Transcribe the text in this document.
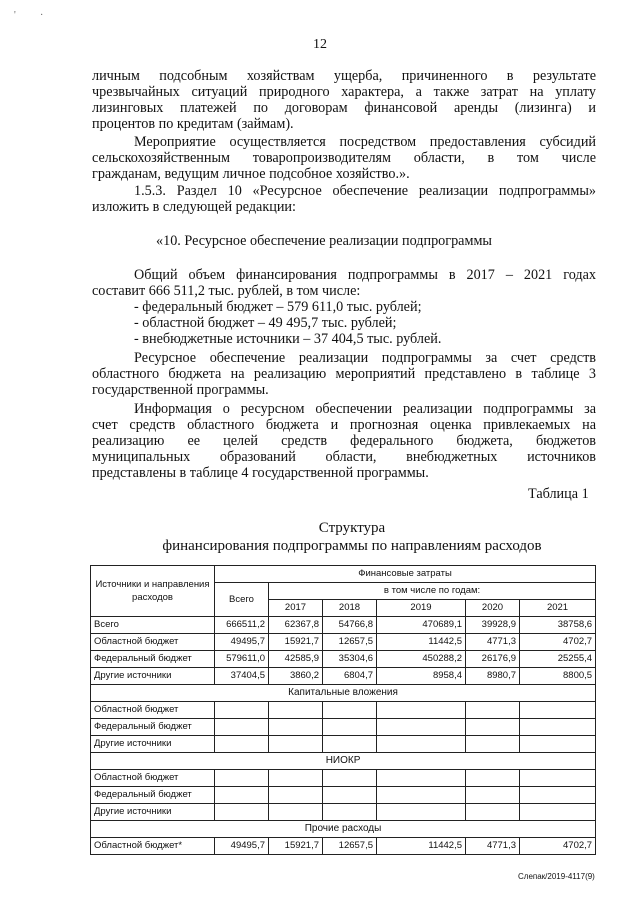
' ·
12
личным подсобным хозяйствам ущерба, причиненного в результате
чрезвычайных ситуаций природного характера, а также затрат на уплату
лизинговых платежей по договорам финансовой аренды (лизинга) и
процентов по кредитам (займам).
Мероприятие осуществляется посредством предоставления субсидий
сельскохозяйственным товаропроизводителям области, в том числе
гражданам, ведущим личное подсобное хозяйство.».
1.5.3. Раздел 10 «Ресурсное обеспечение реализации подпрограммы»
изложить в следующей редакции:
«10. Ресурсное обеспечение реализации подпрограммы
Общий объем финансирования подпрограммы в 2017 – 2021 годах
составит 666 511,2 тыс. рублей, в том числе:
- федеральный бюджет – 579 611,0 тыс. рублей;
- областной бюджет – 49 495,7 тыс. рублей;
- внебюджетные источники – 37 404,5 тыс. рублей.
Ресурсное обеспечение реализации подпрограммы за счет средств
областного бюджета на реализацию мероприятий представлено в таблице 3
государственной программы.
Информация о ресурсном обеспечении реализации подпрограммы за
счет средств областного бюджета и прогнозная оценка привлекаемых на
реализацию ее целей средств федерального бюджета, бюджетов
муниципальных образований области, внебюджетных источников
представлены в таблице 4 государственной программы.
Таблица 1
Структура
финансирования подпрограммы по направлениям расходов
Источники и направления расходов	Финансовые затраты					
	Всего	в том числе по годам:				
		2017	2018	2019	2020	2021
Всего	666511,2	62367,8	54766,8	470689,1	39928,9	38758,6
Областной бюджет	49495,7	15921,7	12657,5	11442,5	4771,3	4702,7
Федеральный бюджет	579611,0	42585,9	35304,6	450288,2	26176,9	25255,4
Другие источники	37404,5	3860,2	6804,7	8958,4	8980,7	8800,5
Капитальные вложения						
Областной бюджет						
Федеральный бюджет						
Другие источники						
НИОКР						
Областной бюджет						
Федеральный бюджет						
Другие источники						
Прочие расходы						
Областной бюджет*	49495,7	15921,7	12657,5	11442,5	4771,3	4702,7
Слепак/2019-4117(9)
